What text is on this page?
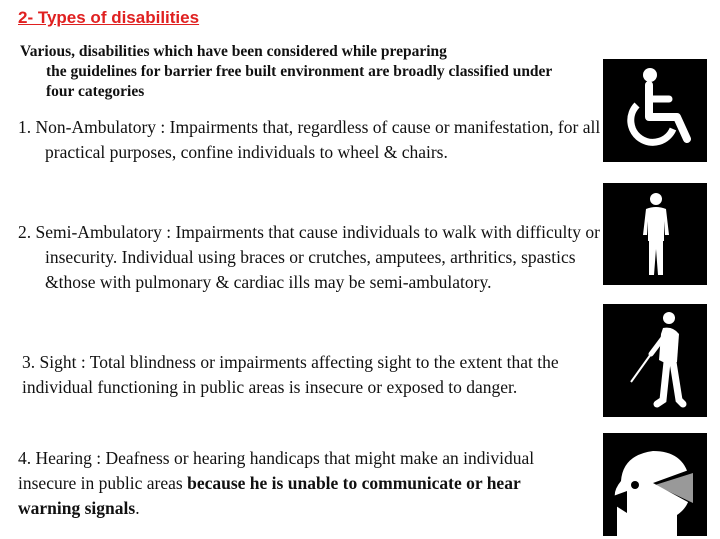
2- Types of disabilities
Various, disabilities which have been considered while preparing
the guidelines for barrier free built environment are broadly classified under four categories
1. Non-Ambulatory : Impairments that, regardless of cause or manifestation, for all practical purposes, confine individuals to wheel & chairs.
2. Semi-Ambulatory : Impairments that cause individuals to walk with difficulty or insecurity. Individual using braces or crutches, amputees, arthritics, spastics &those with pulmonary & cardiac ills may be semi-ambulatory.
3. Sight : Total blindness or impairments affecting sight to the extent that the individual functioning in public areas is insecure or exposed to danger.
4. Hearing : Deafness or hearing handicaps that might make an individual insecure in public areas because he is unable to communicate or hear warning signals.
